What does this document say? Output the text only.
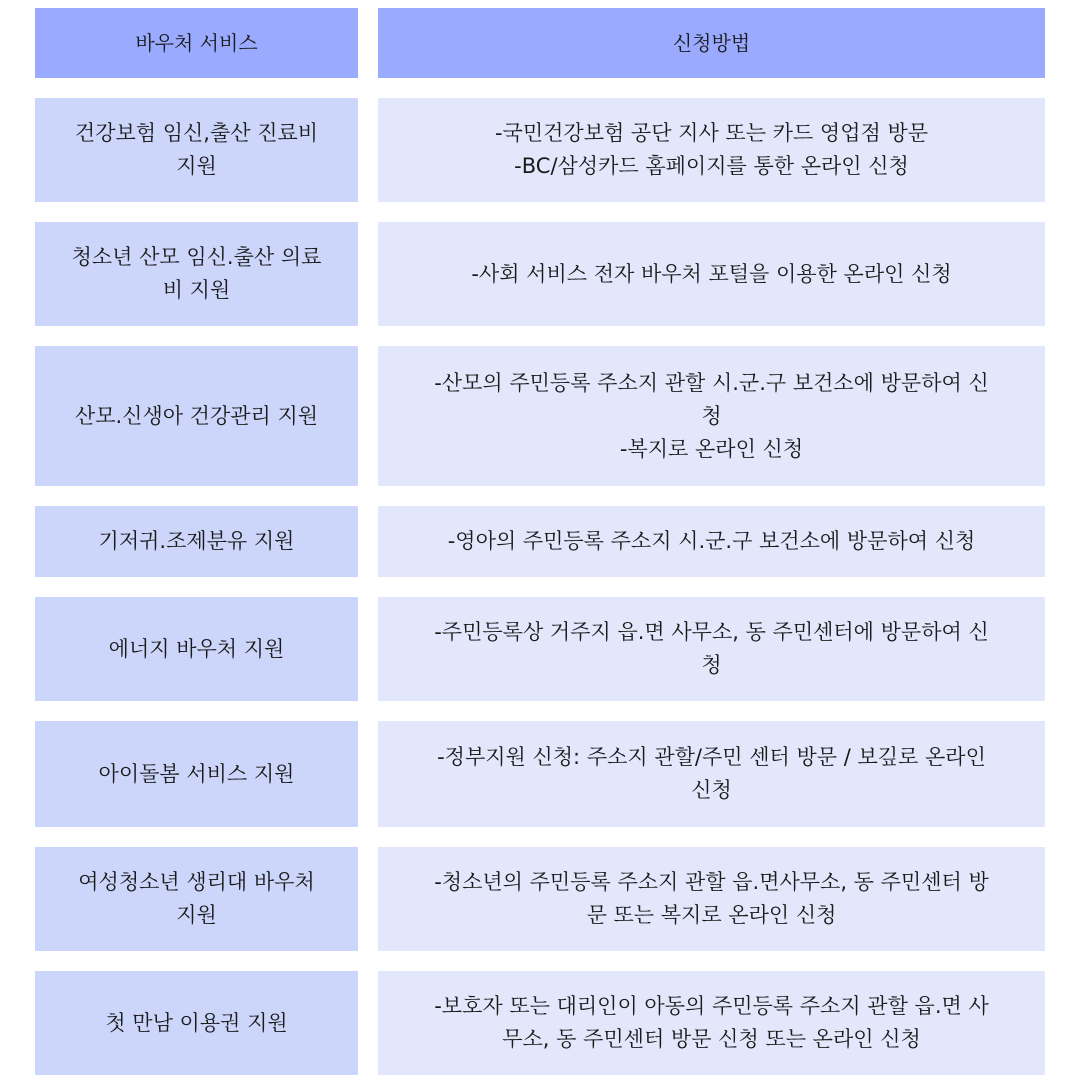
바우처 서비스	신청방법
건강보험 임신,출산 진료비
지원
-국민건강보험 공단 지사 또는 카드 영업점 방문
-BC/삼성카드 홈페이지를 통한 온라인 신청
청소년 산모 임신.출산 의료
비 지원
-사회 서비스 전자 바우처 포털을 이용한 온라인 신청
산모.신생아 건강관리 지원
-산모의 주민등록 주소지 관할 시.군.구 보건소에 방문하여 신
청
-복지로 온라인 신청
기저귀.조제분유 지원	-영아의 주민등록 주소지 시.군.구 보건소에 방문하여 신청
에너지 바우처 지원
-주민등록상 거주지 읍.면 사무소, 동 주민센터에 방문하여 신
청
아이돌봄 서비스 지원
-정부지원 신청: 주소지 관할/주민 센터 방문 / 보깊로 온라인
신청
여성청소년 생리대 바우처
지원
-청소년의 주민등록 주소지 관할 읍.면사무소, 동 주민센터 방
문 또는 복지로 온라인 신청
첫 만남 이용권 지원
-보호자 또는 대리인이 아동의 주민등록 주소지 관할 읍.면 사
무소, 동 주민센터 방문 신청 또는 온라인 신청
